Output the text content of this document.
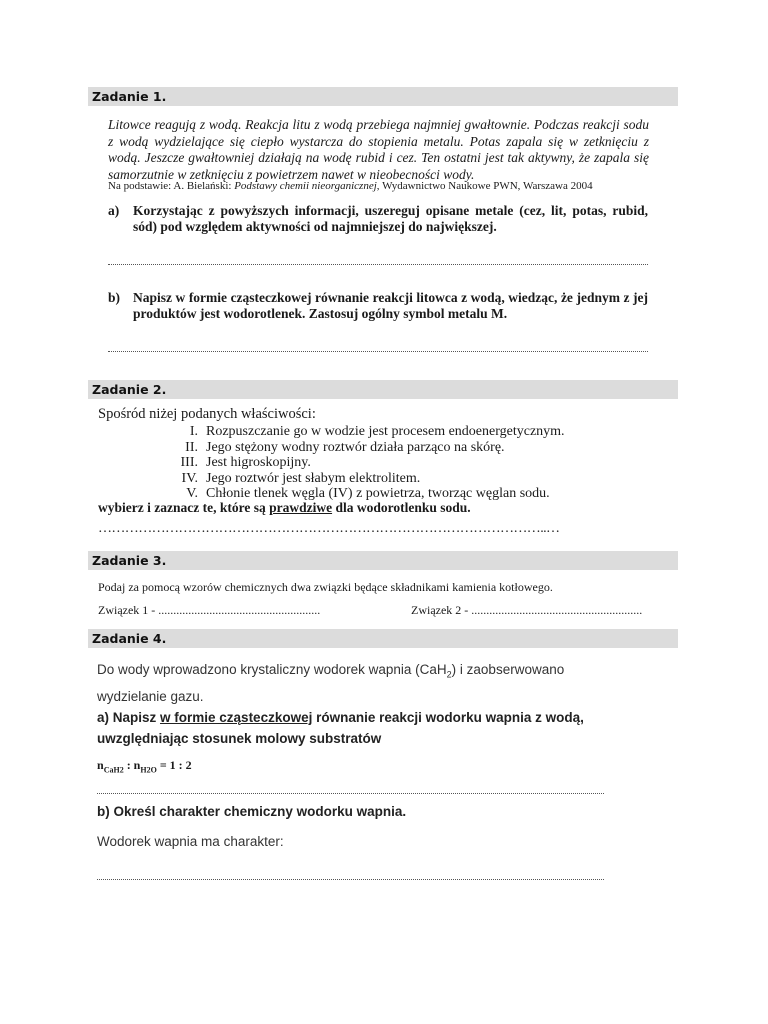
Zadanie 1.
Litowce reagują z wodą. Reakcja litu z wodą przebiega najmniej gwałtownie. Podczas reakcji sodu z wodą wydzielające się ciepło wystarcza do stopienia metalu. Potas zapala się w zetknięciu z wodą. Jeszcze gwałtowniej działają na wodę rubid i cez. Ten ostatni jest tak aktywny, że zapala się samorzutnie w zetknięciu z powietrzem nawet w nieobecności wody.
Na podstawie: A. Bielański: Podstawy chemii nieorganicznej, Wydawnictwo Naukowe PWN, Warszawa 2004
a) Korzystając z powyższych informacji, uszereguj opisane metale (cez, lit, potas, rubid, sód) pod względem aktywności od najmniejszej do największej.
b) Napisz w formie cząsteczkowej równanie reakcji litowca z wodą, wiedząc, że jednym z jej produktów jest wodorotlenek. Zastosuj ogólny symbol metalu M.
Zadanie 2.
Spośród niżej podanych właściwości:
I. Rozpuszczanie go w wodzie jest procesem endoenergetycznym.
II. Jego stężony wodny roztwór działa parząco na skórę.
III. Jest higroskopijny.
IV. Jego roztwór jest słabym elektrolitem.
V. Chłonie tlenek węgla (IV) z powietrza, tworząc węglan sodu.
wybierz i zaznacz te, które są prawdziwe dla wodorotlenku sodu.
………………………………………………………………………………………..…
Zadanie 3.
Podaj za pomocą wzorów chemicznych dwa związki będące składnikami kamienia kotłowego.
Związek 1 - ......................................................	Związek 2 - .........................................................
Zadanie 4.
Do wody wprowadzono krystaliczny wodorek wapnia (CaH$_2$) i zaobserwowano
wydzielanie gazu.
a) Napisz w formie cząsteczkowej równanie reakcji wodorku wapnia z wodą,
uwzględniając stosunek molowy substratów
$n_{CaH2}$ : $n_{H2O} = 1$ : 2
b) Określ charakter chemiczny wodorku wapnia.
Wodorek wapnia ma charakter:
